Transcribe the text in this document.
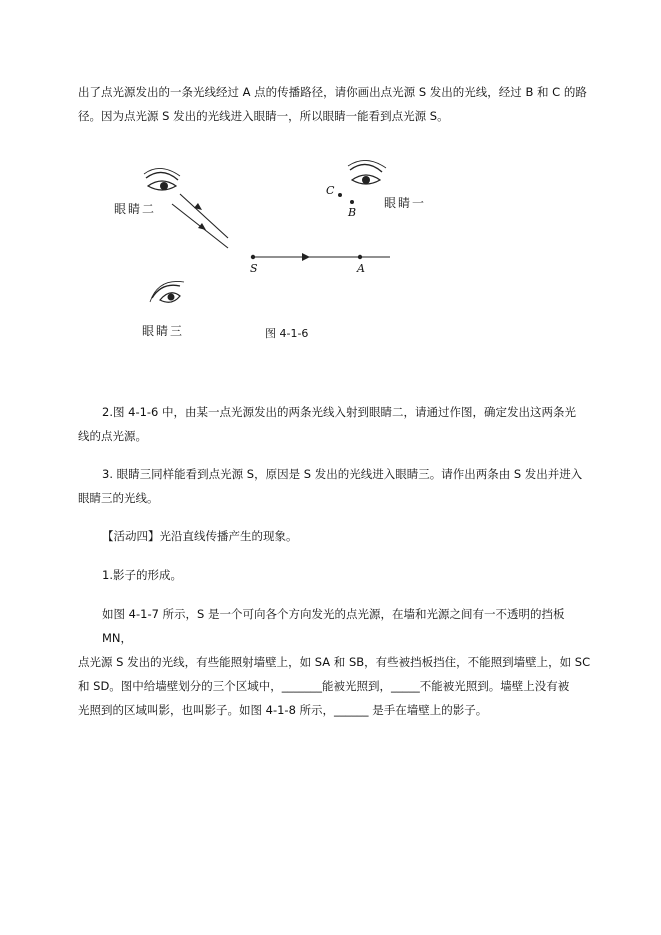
出了点光源发出的一条光线经过 A 点的传播路径，请你画出点光源 S 发出的光线，经过 B 和 C 的路
径。因为点光源 S 发出的光线进入眼睛一，所以眼睛一能看到点光源 S。
眼睛二	眼睛一
眼睛三
S	A
B
C
图 4-1-6
2.图 4-1-6 中，由某一点光源发出的两条光线入射到眼睛二，请通过作图，确定发出这两条光
线的点光源。
3. 眼睛三同样能看到点光源 S，原因是 S 发出的光线进入眼睛三。请作出两条由 S 发出并进入
眼睛三的光线。
【活动四】光沿直线传播产生的现象。
1.影子的形成。
如图 4-1-7 所示，S 是一个可向各个方向发光的点光源，在墙和光源之间有一不透明的挡板 MN，
点光源 S 发出的光线，有些能照射墙壁上，如 SA 和 SB，有些被挡板挡住，不能照到墙壁上，如 SC
和 SD。图中给墙壁划分的三个区域中，_______能被光照到，_____不能被光照到。墙壁上没有被
光照到的区域叫影，也叫影子。如图 4-1-8 所示，______ 是手在墙壁上的影子。
